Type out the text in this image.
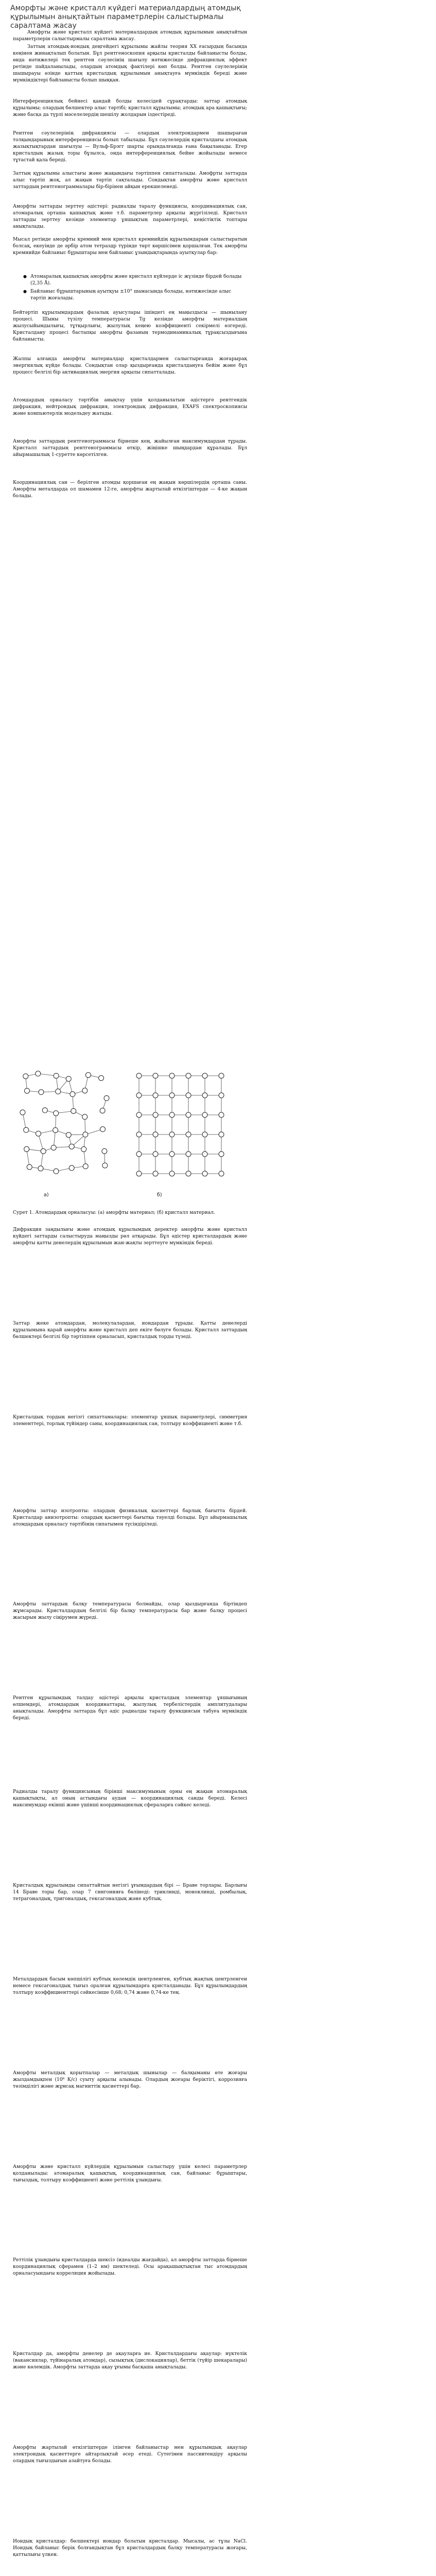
Аморфты және кристалл күйдегі материалдардың атомдық құрылымын анықтайтын параметрлерін салыстырмалы саралтама жасау

Амофрты және кристалл күйдегі материалдардың атомдық құрылымын анықтайтын параметрлерін салыстырмалы саралтама жасау.

Заттың атомдық-иондық деңгейдегі құрылымы жайлы теория ХХ ғасырдың басында кеңінен жинақталып болатын. Бұл рентгеноскопия арқылы кристалды байланысты болды, өнда нәтижелері тек рентген сәулесінің шағылу нәтижесінде дифракциялық эффект ретінде пайдаланылады, олардың атомдық фактілері көп болды. Рентген сәулелерінің шашырауы өзінде қаттың кристалдық құрылымын анықтауға мүмкіндік береді және мүмкіндіктері байланысты болып шыққан.

Интерференциялық бейнесі қандай болды келесідей сұрақтарды: заттар атомдық құрылымы; олардың бөлшектер алыс тәртібі; кристалл құрылымы; атомдық ара қашықтығы; және басқа да түрлі мәселелердің шешілу жолдарын іздестіреді.

Рентген сәулелерінің дифракциясы — олардың электрондармен шашыраған толқындарының интерференциясы болып табылады. Бұл сәулелердің кристалдағы атомдық жазықтықтардан шағылуы — Вульф-Брэгг шарты орындалғанда ғана бақыланады. Егер кристалдың жазық торы бұзылса, онда интерференциялық бейне жойылады немесе тұтастай қала береді.

Заттың құрылымы алыстағы және жақындағы тәртіппен сипатталады. Амофрты заттарда алыс тәртіп жоқ, ал жақын тәртіп сақталады. Сондықтан аморфты және кристалл заттардың рентгенограммалары бір-бірінен айқын ерекшеленеді.

Аморфты заттарды зерттеу әдістері: радиалды таралу функциясы, координациялық сан, атомаралық орташа қашықтық және т.б. параметрлер арқылы жүргізіледі. Кристалл заттарды зерттеу кезінде элементар ұяшықтың параметрлері, кеңістіктік топтары анықталады.

Мысал ретінде аморфты кремний мен кристалл кремнийдің құрылымдарын салыстыратын болсақ, екеуінде де әрбір атом тетраэдр түрінде төрт көршісімен қоршалған. Тек аморфты кремнийде байланыс бұрыштары мен байланыс ұзындықтарында ауытқулар бар:

● Атомаралық қашықтық аморфты және кристалл күйлерде іс жүзінде бірдей болады (2,35 Å).
● Байланыс бұрыштарының ауытқуы ±10° шамасында болады, нәтижесінде алыс тәртіп жоғалады.

Бейтәртіп құрылымдардың фазалық ауысулары ішіндегі ең маңыздысы — шынылану процесі. Шыны түзілу температурасы Tg кезінде аморфты материалдың жылусыйымдылығы, тұтқырлығы, жылулық кеңею коэффициенті секірмелі өзгереді. Кристалдану процесі бастапқы аморфты фазаның термодинамикалық тұрақсыздығына байланысты.

Жалпы алғанда аморфты материалдар кристалдармен салыстырғанда жоғарырақ энергиялық күйде болады. Сондықтан олар қыздырғанда кристалдануға бейім және бұл процесс белгілі бір активациялық энергия арқылы сипатталады.

Атомдардың орналасу тәртібін анықтау үшін қолданылатын әдістерге рентгендік дифракция, нейтрондық дифракция, электрондық дифракция, EXAFS спектроскопиясы және компьютерлік модельдеу жатады.

Аморфты заттардың рентгенограммасы бірнеше кең, жайылған максимумдардан тұрады. Кристалл заттардың рентгенограммасы өткір, жіңішке шыңдардан құралады. Бұл айырмашылық 1-суретте көрсетілген.

Координациялық сан — берілген атомды қоршаған ең жақын көршілердің орташа саны. Аморфты металдарда ол шамамен 12-ге, аморфты жартылай өткізгіштерде — 4-ке жақын болады.

а)	б)

Сурет 1. Атомдардың орналасуы: (а) аморфты материал; (б) кристалл материал.

Дифракция заңдылығы және атомдық құрылымдық деректер аморфты және кристалл күйдегі заттарды салыстыруда маңызды рөл атқарады. Бұл әдістер кристалдардың және аморфты қатты денелердің құрылымын жан-жақты зерттеуге мүмкіндік береді.

Заттар жеке атомдардан, молекулалардан, иондардан тұрады. Қатты денелерді құрылымына қарай аморфты және кристалл деп екіге бөлуге болады. Кристалл заттардың бөлшектері белгілі бір тәртіппен орналасып, кристалдық торды түзеді.

Кристалдық тордың негізгі сипаттамалары: элементар ұяшық параметрлері, симметрия элементтері, торлық түйіндер саны, координациялық сан, толтыру коэффициенті және т.б.

Аморфты заттар изотропты: олардың физикалық қасиеттері барлық бағытта бірдей. Кристалдар анизотропты: олардың қасиеттері бағытқа тәуелді болады. Бұл айырмашылық атомдардың орналасу тәртібінің сипатымен түсіндіріледі.

Аморфты заттардың балқу температурасы болмайды, олар қыздырғанда біртіндеп жұмсарады. Кристалдардың белгілі бір балқу температурасы бар және балқу процесі жасырын жылу сіңірумен жүреді.

Рентген құрылымдық талдау әдістері арқылы кристалдың элементар ұяшығының өлшемдері, атомдардың координаттары, жылулық тербелістердің амплитудалары анықталады. Аморфты заттарда бұл әдіс радиалды таралу функциясын табуға мүмкіндік береді.

Радиалды таралу функциясының бірінші максимумының орны ең жақын атомаралық қашықтықты, ал оның астындағы аудан — координациялық санды береді. Келесі максимумдар екінші және үшінші координациялық сфераларға сәйкес келеді.

Кристалдық құрылымды сипаттайтын негізгі ұғымдардың бірі — Браве торлары. Барлығы 14 Браве торы бар, олар 7 сингонияға бөлінеді: триклинді, моноклинді, ромбылық, тетрагоналдық, тригоналдық, гексагоналдық және кубтық.

Металдардың басым көпшілігі кубтық көлемдік центрленген, кубтық жақтық центрленген немесе гексагоналдық тығыз оралған құрылымдарға кристалданады. Бұл құрылымдардың толтыру коэффициенттері сәйкесінше 0,68; 0,74 және 0,74-ке тең.

Аморфты металдық қорытпалар — металдық шынылар — балқыманы өте жоғары жылдамдықпен (10⁶ К/с) суыту арқылы алынады. Олардың жоғары беріктігі, коррозияға төзімділігі және жұмсақ магниттік қасиеттері бар.

Аморфты және кристалл күйлердің құрылымын салыстыру үшін келесі параметрлер қолданылады: атомаралық қашықтық, координациялық сан, байланыс бұрыштары, тығыздық, толтыру коэффициенті және реттілік ұзындығы.

Реттілік ұзындығы кристалдарда шексіз (идеалды жағдайда), ал аморфты заттарда бірнеше координациялық сферамен (1–2 нм) шектеледі. Осы арақашықтықтан тыс атомдардың орналасуындағы корреляция жойылады.

Кристалдар да, аморфты денелер де ақауларға ие. Кристалдардағы ақаулар: нүктелік (вакансиялар, түйінаралық атомдар), сызықтық (дислокациялар), беттік (түйір шекаралары) және көлемдік. Аморфты заттарда ақау ұғымы басқаша анықталады.

Аморфты жартылай өткізгіштерде ілінген байланыстар мен құрылымдық ақаулар электрондық қасиеттерге айтарлықтай әсер етеді. Сутегімен пассивтендіру арқылы олардың тығыздығын азайтуға болады.

Иондық кристалдар: бөлшектері иондар болатын кристалдар. Мысалы, ас тұзы NaCl. Иондық байланыс берік болғандықтан бұл кристалдардың балқу температурасы жоғары, қаттылығы үлкен.
